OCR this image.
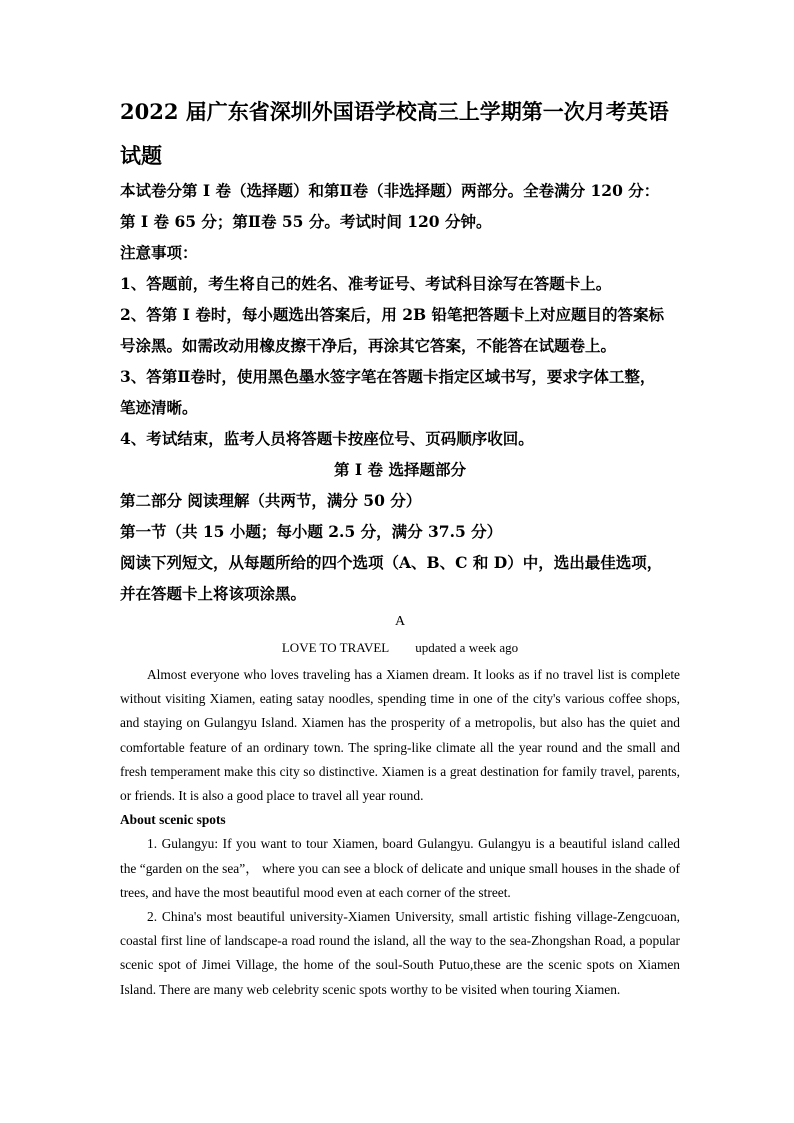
2022 届广东省深圳外国语学校高三上学期第一次月考英语
试题
本试卷分第 I 卷（选择题）和第Ⅱ卷（非选择题）两部分。全卷满分 120 分：
第 I 卷 65 分；第Ⅱ卷 55 分。考试时间 120 分钟。
注意事项：
1、答题前，考生将自己的姓名、准考证号、考试科目涂写在答题卡上。
2、答第 I 卷时，每小题选出答案后，用 2B 铅笔把答题卡上对应题目的答案标
号涂黑。如需改动用橡皮擦干净后，再涂其它答案，不能答在试题卷上。
3、答第Ⅱ卷时，使用黑色墨水签字笔在答题卡指定区域书写，要求字体工整，
笔迹清晰。
4、考试结束，监考人员将答题卡按座位号、页码顺序收回。
第 I 卷 选择题部分
第二部分 阅读理解（共两节，满分 50 分）
第一节（共 15 小题；每小题 2.5 分，满分 37.5 分）
阅读下列短文，从每题所给的四个选项（A、B、C 和 D）中，选出最佳选项，
并在答题卡上将该项涂黑。
A
LOVE TO TRAVEL updated a week ago

Almost everyone who loves traveling has a Xiamen dream. It looks as if no travel list is complete without visiting Xiamen, eating satay noodles, spending time in one of the city's various coffee shops, and staying on Gulangyu Island. Xiamen has the prosperity of a metropolis, but also has the quiet and comfortable feature of an ordinary town. The spring-like climate all the year round and the small and fresh temperament make this city so distinctive. Xiamen is a great destination for family travel, parents, or friends. It is also a good place to travel all year round.

About scenic spots

1. Gulangyu: If you want to tour Xiamen, board Gulangyu. Gulangyu is a beautiful island called the “garden on the sea”， where you can see a block of delicate and unique small houses in the shade of trees, and have the most beautiful mood even at each corner of the street.

2. China's most beautiful university-Xiamen University, small artistic fishing village-Zengcuoan, coastal first line of landscape-a road round the island, all the way to the sea-Zhongshan Road, a popular scenic spot of Jimei Village, the home of the soul-South Putuo,these are the scenic spots on Xiamen Island. There are many web celebrity scenic spots worthy to be visited when touring Xiamen.
